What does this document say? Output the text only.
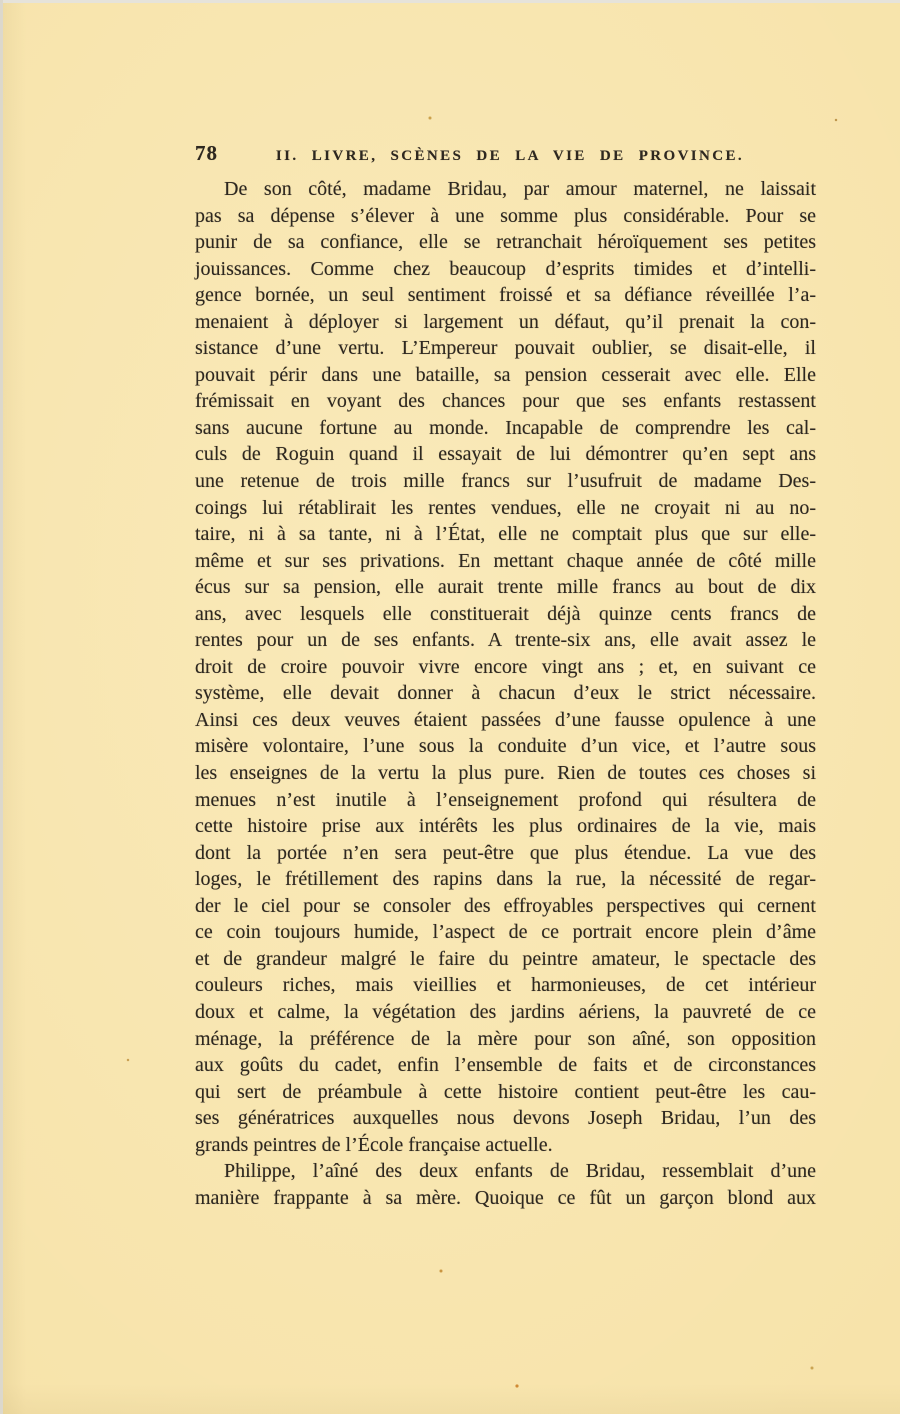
78	II. LIVRE, SCÈNES DE LA VIE DE PROVINCE.
De son côté, madame Bridau, par amour maternel, ne laissait
pas sa dépense s’élever à une somme plus considérable. Pour se
punir de sa confiance, elle se retranchait héroïquement ses petites
jouissances. Comme chez beaucoup d’esprits timides et d’intelli-
gence bornée, un seul sentiment froissé et sa défiance réveillée l’a-
menaient à déployer si largement un défaut, qu’il prenait la con-
sistance d’une vertu. L’Empereur pouvait oublier, se disait-elle, il
pouvait périr dans une bataille, sa pension cesserait avec elle. Elle
frémissait en voyant des chances pour que ses enfants restassent
sans aucune fortune au monde. Incapable de comprendre les cal-
culs de Roguin quand il essayait de lui démontrer qu’en sept ans
une retenue de trois mille francs sur l’usufruit de madame Des-
coings lui rétablirait les rentes vendues, elle ne croyait ni au no-
taire, ni à sa tante, ni à l’État, elle ne comptait plus que sur elle-
même et sur ses privations. En mettant chaque année de côté mille
écus sur sa pension, elle aurait trente mille francs au bout de dix
ans, avec lesquels elle constituerait déjà quinze cents francs de
rentes pour un de ses enfants. A trente-six ans, elle avait assez le
droit de croire pouvoir vivre encore vingt ans ; et, en suivant ce
système, elle devait donner à chacun d’eux le strict nécessaire.
Ainsi ces deux veuves étaient passées d’une fausse opulence à une
misère volontaire, l’une sous la conduite d’un vice, et l’autre sous
les enseignes de la vertu la plus pure. Rien de toutes ces choses si
menues n’est inutile à l’enseignement profond qui résultera de
cette histoire prise aux intérêts les plus ordinaires de la vie, mais
dont la portée n’en sera peut-être que plus étendue. La vue des
loges, le frétillement des rapins dans la rue, la nécessité de regar-
der le ciel pour se consoler des effroyables perspectives qui cernent
ce coin toujours humide, l’aspect de ce portrait encore plein d’âme
et de grandeur malgré le faire du peintre amateur, le spectacle des
couleurs riches, mais vieillies et harmonieuses, de cet intérieur
doux et calme, la végétation des jardins aériens, la pauvreté de ce
ménage, la préférence de la mère pour son aîné, son opposition
aux goûts du cadet, enfin l’ensemble de faits et de circonstances
qui sert de préambule à cette histoire contient peut-être les cau-
ses génératrices auxquelles nous devons Joseph Bridau, l’un des
grands peintres de l’École française actuelle.
Philippe, l’aîné des deux enfants de Bridau, ressemblait d’une
manière frappante à sa mère. Quoique ce fût un garçon blond aux
